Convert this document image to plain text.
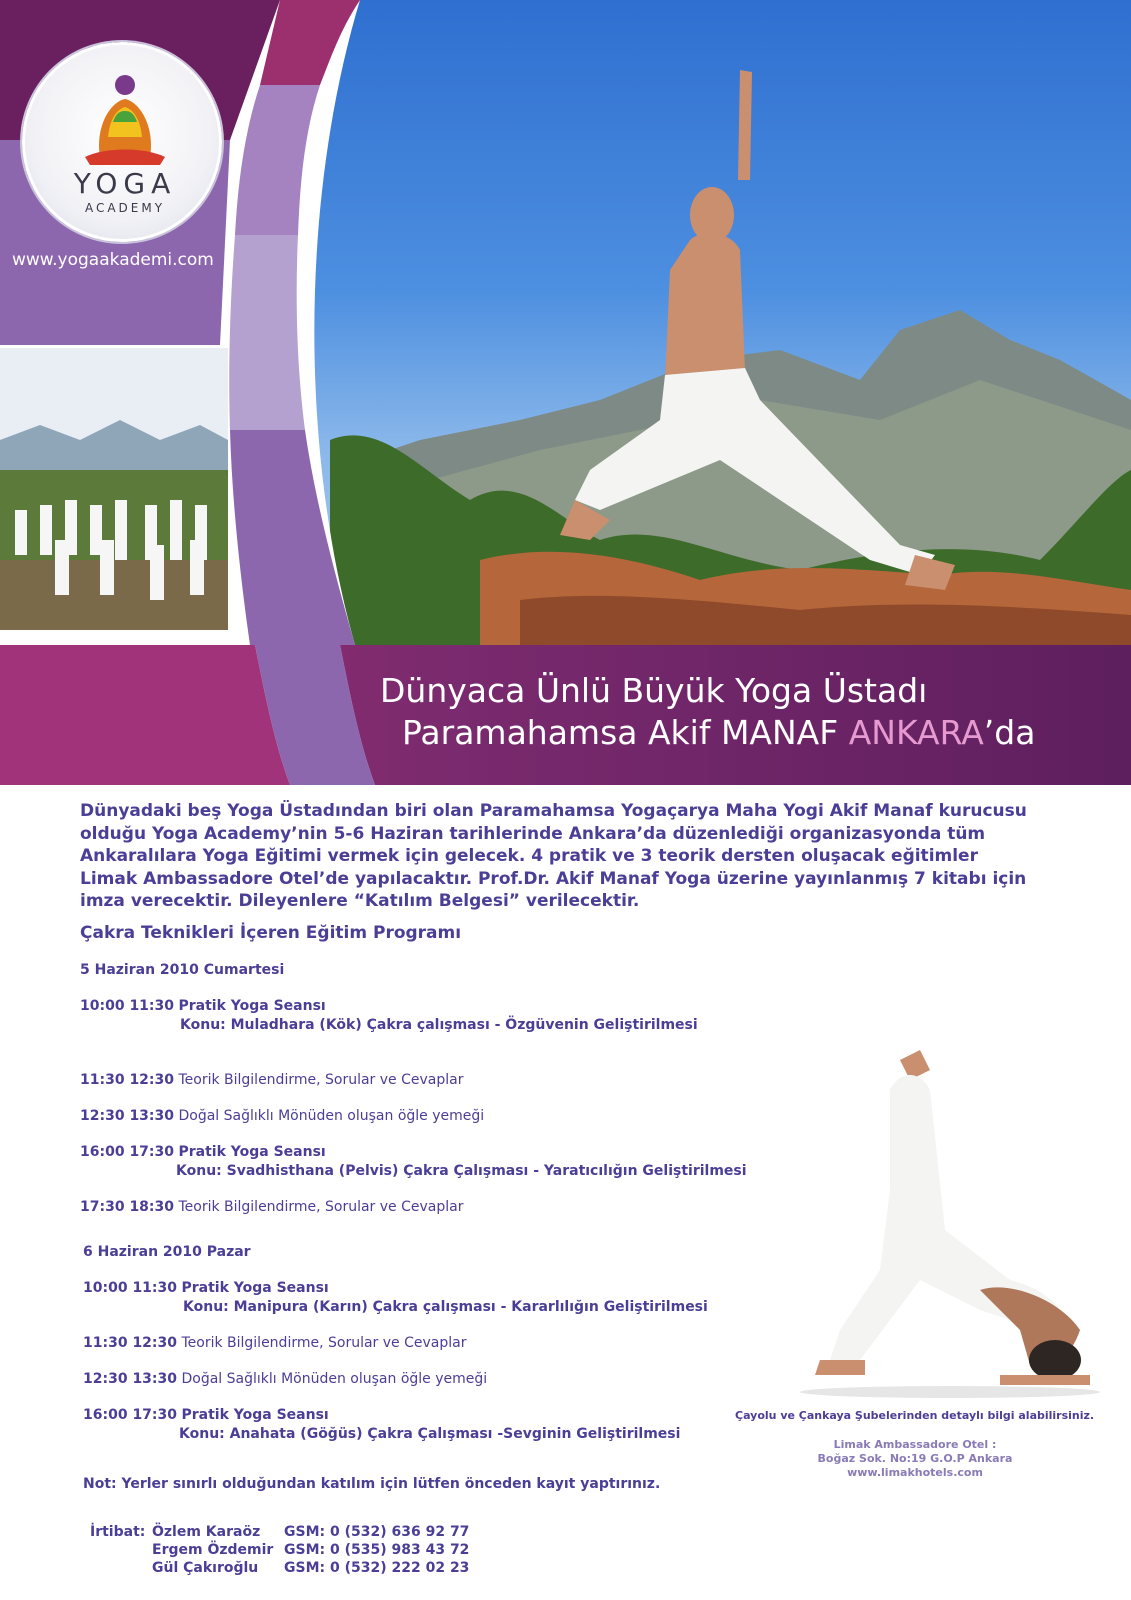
YOGA
ACADEMY
www.yogaakademi.com
Dünyaca Ünlü Büyük Yoga Üstadı
Paramahamsa Akif MANAF ANKARA’da

Dünyadaki beş Yoga Üstadından biri olan Paramahamsa Yogaçarya Maha Yogi Akif Manaf kurucusu olduğu Yoga Academy’nin 5-6 Haziran tarihlerinde Ankara’da düzenlediği organizasyonda tüm Ankaralılara Yoga Eğitimi vermek için gelecek. 4 pratik ve 3 teorik dersten oluşacak eğitimler Limak Ambassadore Otel’de yapılacaktır. Prof.Dr. Akif Manaf Yoga üzerine yayınlanmış 7 kitabı için imza verecektir. Dileyenlere “Katılım Belgesi” verilecektir.

Çakra Teknikleri İçeren Eğitim Programı
5 Haziran 2010 Cumartesi
10:00 11:30 Pratik Yoga Seansı
Konu: Muladhara (Kök) Çakra çalışması - Özgüvenin Geliştirilmesi
11:30 12:30 Teorik Bilgilendirme, Sorular ve Cevaplar
12:30 13:30 Doğal Sağlıklı Mönüden oluşan öğle yemeği
16:00 17:30 Pratik Yoga Seansı
Konu: Svadhisthana (Pelvis) Çakra Çalışması - Yaratıcılığın Geliştirilmesi
17:30 18:30 Teorik Bilgilendirme, Sorular ve Cevaplar
6 Haziran 2010 Pazar
10:00 11:30 Pratik Yoga Seansı
Konu: Manipura (Karın) Çakra çalışması - Kararlılığın Geliştirilmesi
11:30 12:30 Teorik Bilgilendirme, Sorular ve Cevaplar
12:30 13:30 Doğal Sağlıklı Mönüden oluşan öğle yemeği
16:00 17:30 Pratik Yoga Seansı
Konu: Anahata (Göğüs) Çakra Çalışması -Sevginin Geliştirilmesi
Not: Yerler sınırlı olduğundan katılım için lütfen önceden kayıt yaptırınız.
İrtibat: Özlem Karaöz	GSM: 0 (532) 636 92 77
Ergem Özdemir GSM: 0 (535) 983 43 72
Gül Çakıroğlu	GSM: 0 (532) 222 02 23
Çayolu ve Çankaya Şubelerinden detaylı bilgi alabilirsiniz.
Limak Ambassadore Otel :
Boğaz Sok. No:19 G.O.P Ankara
www.limakhotels.com
